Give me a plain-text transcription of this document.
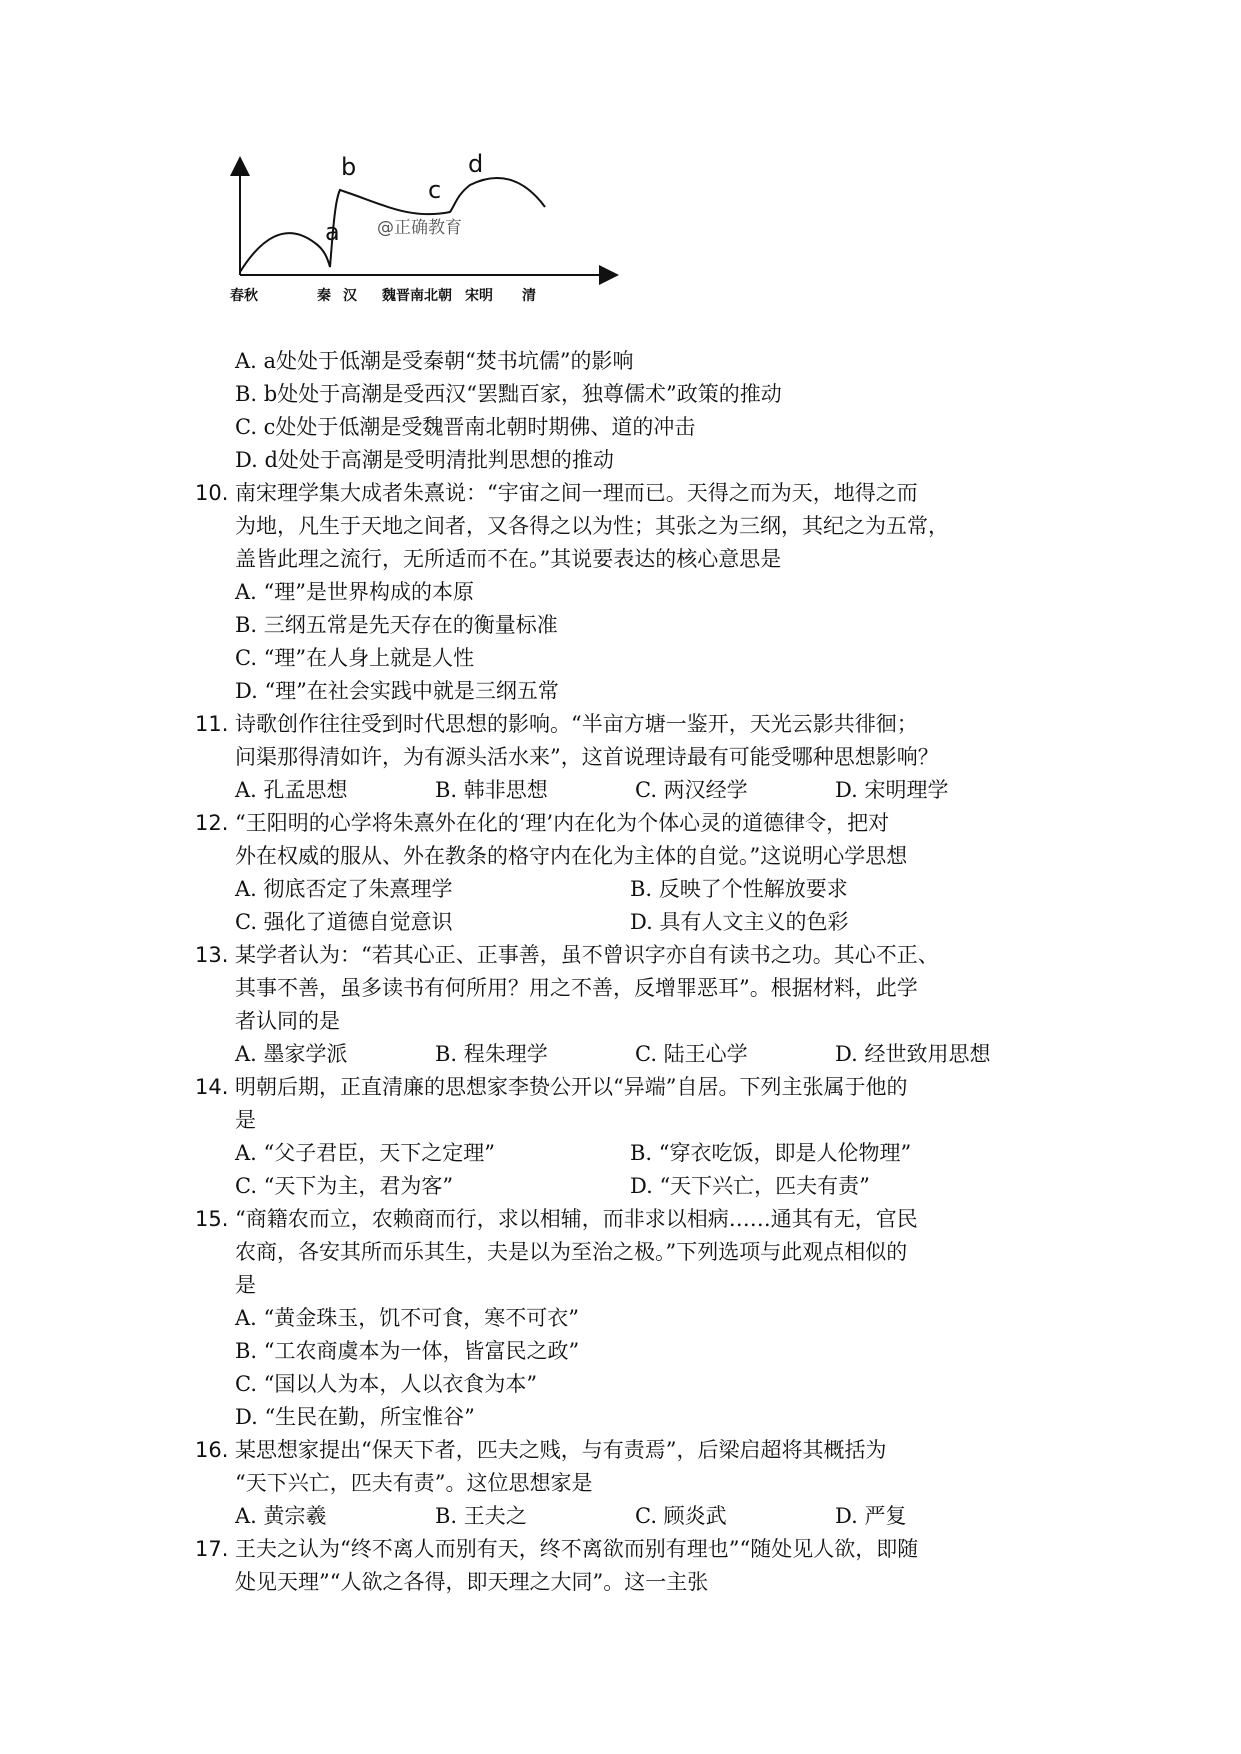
a
b
c
d
@正确教育
春秋	秦 汉 魏晋南北朝 宋明 清
A. a处处于低潮是受秦朝“焚书坑儒”的影响
B. b处处于高潮是受西汉“罢黜百家，独尊儒术”政策的推动
C. c处处于低潮是受魏晋南北朝时期佛、道的冲击
D. d处处于高潮是受明清批判思想的推动
10. 南宋理学集大成者朱熹说：“宇宙之间一理而已。天得之而为天，地得之而
为地，凡生于天地之间者，又各得之以为性；其张之为三纲，其纪之为五常，
盖皆此理之流行，无所适而不在。”其说要表达的核心意思是
A. “理”是世界构成的本原
B. 三纲五常是先天存在的衡量标准
C. “理”在人身上就是人性
D. “理”在社会实践中就是三纲五常
11. 诗歌创作往往受到时代思想的影响。“半亩方塘一鉴开，天光云影共徘徊；
问渠那得清如许，为有源头活水来”，这首说理诗最有可能受哪种思想影响？
A. 孔孟思想	B. 韩非思想	C. 两汉经学	D. 宋明理学
12. “王阳明的心学将朱熹外在化的‘理’内在化为个体心灵的道德律令，把对
外在权威的服从、外在教条的格守内在化为主体的自觉。”这说明心学思想
A. 彻底否定了朱熹理学	B. 反映了个性解放要求
C. 强化了道德自觉意识	D. 具有人文主义的色彩
13. 某学者认为：“若其心正、正事善，虽不曾识字亦自有读书之功。其心不正、
其事不善，虽多读书有何所用？用之不善，反增罪恶耳”。根据材料，此学
者认同的是
A. 墨家学派	B. 程朱理学	C. 陆王心学	D. 经世致用思想
14. 明朝后期，正直清廉的思想家李贽公开以“异端”自居。下列主张属于他的
是
A. “父子君臣，天下之定理”	B. “穿衣吃饭，即是人伦物理”
C. “天下为主，君为客”	D. “天下兴亡，匹夫有责”
15. “商籍农而立，农赖商而行，求以相辅，而非求以相病……通其有无，官民
农商，各安其所而乐其生，夫是以为至治之极。”下列选项与此观点相似的
是
A. “黄金珠玉，饥不可食，寒不可衣”
B. “工农商虞本为一体，皆富民之政”
C. “国以人为本，人以衣食为本”
D. “生民在勤，所宝惟谷”
16. 某思想家提出“保天下者，匹夫之贱，与有责焉”，后梁启超将其概括为
“天下兴亡，匹夫有责”。这位思想家是
A. 黄宗羲	B. 王夫之	C. 顾炎武	D. 严复
17. 王夫之认为“终不离人而别有天，终不离欲而别有理也”“随处见人欲，即随
处见天理”“人欲之各得，即天理之大同”。这一主张
